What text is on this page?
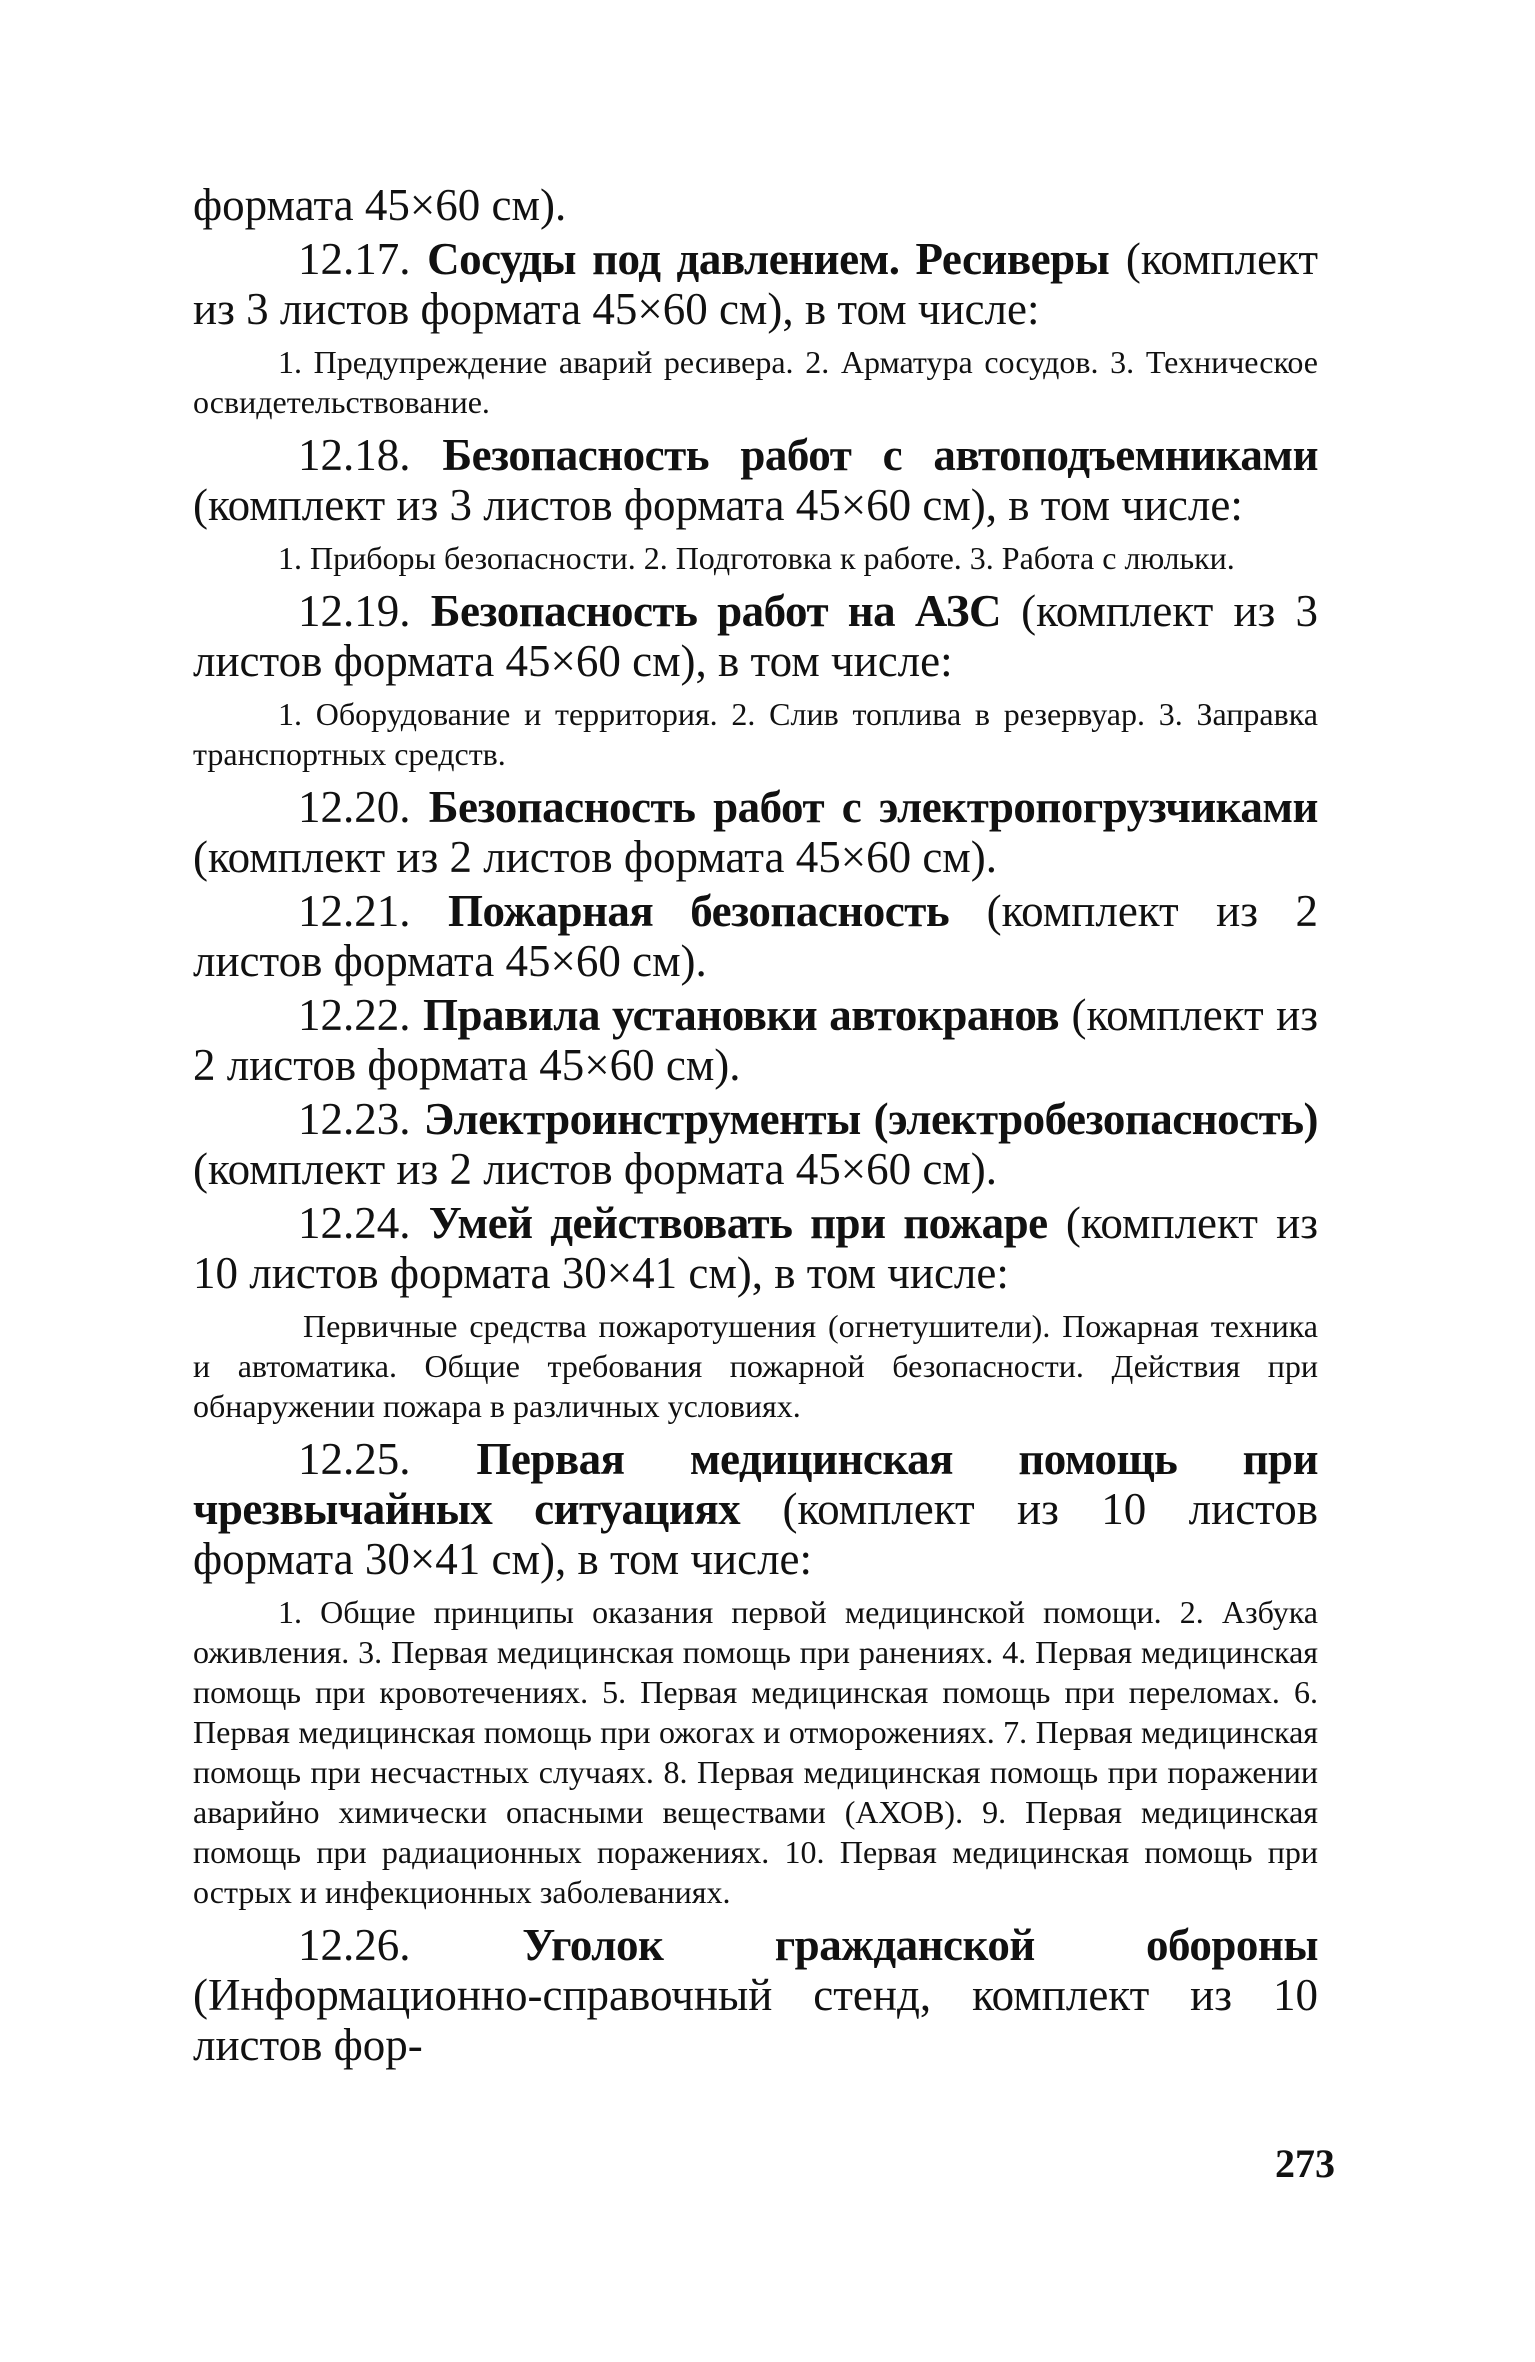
формата 45×60 см).

12.17. Сосуды под давлением. Ресиверы (комплект из 3 листов формата 45×60 см), в том числе:

1. Предупреждение аварий ресивера. 2. Арматура сосудов. 3. Техническое освидетельствование.

12.18. Безопасность работ с автоподъемниками (комплект из 3 листов формата 45×60 см), в том числе:

1. Приборы безопасности. 2. Подготовка к работе. 3. Работа с люльки.

12.19. Безопасность работ на АЗС (комплект из 3 листов формата 45×60 см), в том числе:

1. Оборудование и территория. 2. Слив топлива в резервуар. 3. Заправка транспортных средств.

12.20. Безопасность работ с электропогрузчиками (комплект из 2 листов формата 45×60 см).

12.21. Пожарная безопасность (комплект из 2 листов формата 45×60 см).

12.22. Правила установки автокранов (комплект из 2 листов формата 45×60 см).

12.23. Электроинструменты (электробезопасность) (комплект из 2 листов формата 45×60 см).

12.24. Умей действовать при пожаре (комплект из 10 листов формата 30×41 см), в том числе:

Первичные средства пожаротушения (огнетушители). Пожарная техника и автоматика. Общие требования пожарной безопасности. Действия при обнаружении пожара в различных условиях.

12.25. Первая медицинская помощь при чрезвычайных ситуациях (комплект из 10 листов формата 30×41 см), в том числе:

1. Общие принципы оказания первой медицинской помощи. 2. Азбука оживления. 3. Первая медицинская помощь при ранениях. 4. Первая медицинская помощь при кровотечениях. 5. Первая медицинская помощь при переломах. 6. Первая медицинская помощь при ожогах и отморожениях. 7. Первая медицинская помощь при несчастных случаях. 8. Первая медицинская помощь при поражении аварийно химически опасными веществами (АХОВ). 9. Первая медицинская помощь при радиационных поражениях. 10. Первая медицинская помощь при острых и инфекционных заболеваниях.

12.26. Уголок гражданской обороны (Информационно-справочный стенд, комплект из 10 листов фор-

273
